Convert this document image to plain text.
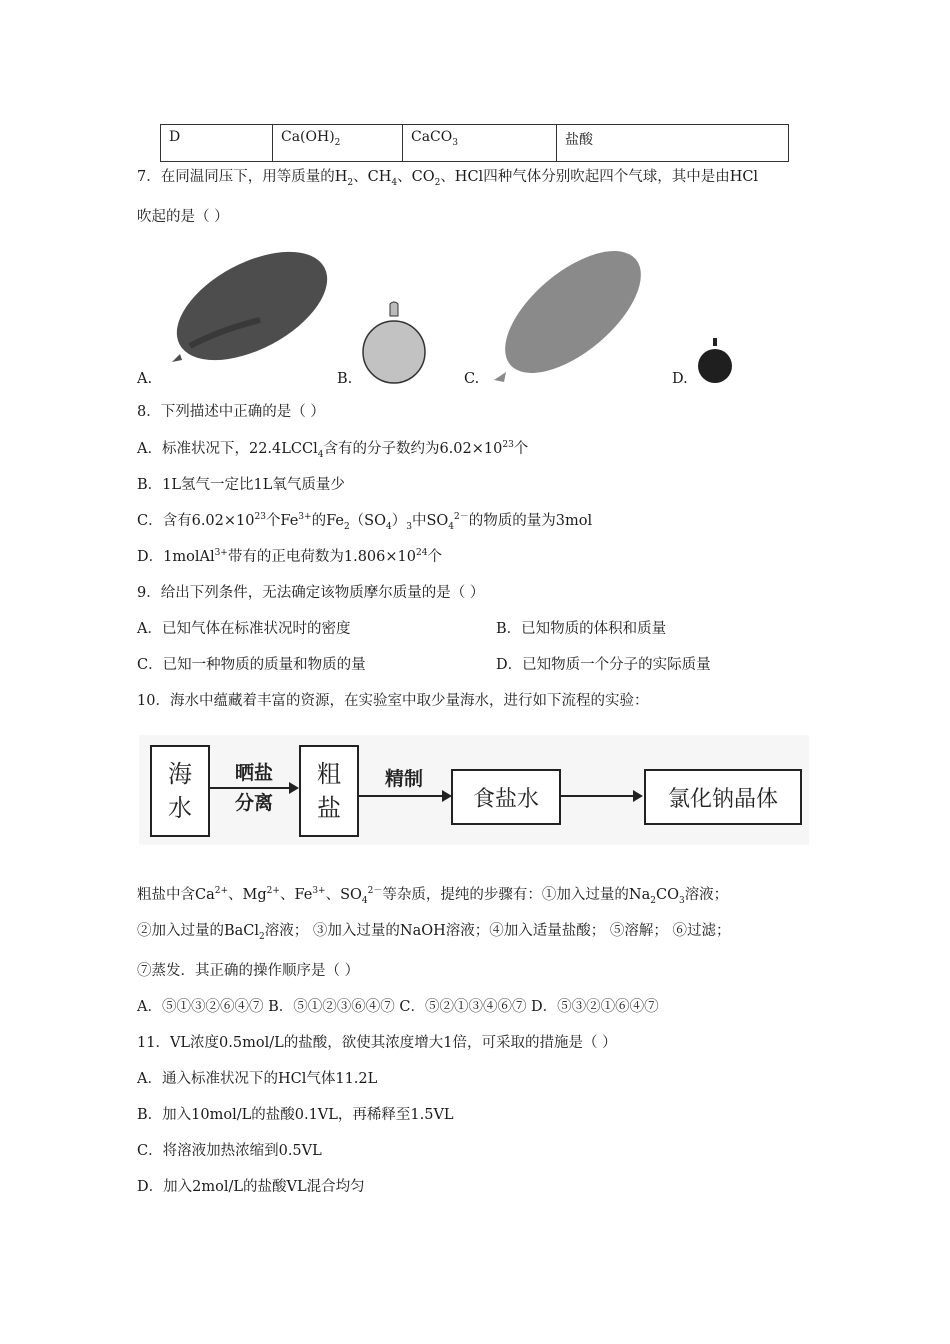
D	$Ca(OH)_2$	CaCO$_3$	盐酸
7．在同温同压下，用等质量的$H_2$、$CH_4$、$CO_2$、HCl四种气体分别吹起四个气球，其中是由HCl
吹起的是（ ）
A.	B.	C.	D.
8．下列描述中正确的是（ ）
A．标准状况下，22.4LCCl$_4$含有的分子数约为$6.02\times 10^{23}$个
B．1L氢气一定比1L氧气质量少
C．含有$6.02\times 10^{23}$个$Fe^{3+}$的$Fe_2(SO_4)_3$中$SO_4^{2-}$的物质的量为3mol
D．1molAl$^{3+}$带有的正电荷数为$1.806\times 10^{24}$个
9．给出下列条件，无法确定该物质摩尔质量的是（ ）
A．已知气体在标准状况时的密度	B．已知物质的体积和质量
C．已知一种物质的质量和物质的量	D．已知物质一个分子的实际质量
10．海水中蕴藏着丰富的资源，在实验室中取少量海水，进行如下流程的实验：
海
水
晒盐
分离
粗
盐
精制
食盐水	氯化钠晶体
粗盐中含$Ca^{2+}$、$Mg^{2+}$、$Fe^{3+}$、$SO_4^{2-}$等杂质，提纯的步骤有：①加入过量的$Na_2CO_3$溶液；
②加入过量的BaCl$_2$溶液； ③加入过量的NaOH溶液；④加入适量盐酸； ⑤溶解； ⑥过滤；
⑦蒸发．其正确的操作顺序是（ ）
A．⑤①③②⑥④⑦ B．⑤①②③⑥④⑦ C．⑤②①③④⑥⑦ D．⑤③②①⑥④⑦
11．VL浓度0.5mol/L的盐酸，欲使其浓度增大1倍，可采取的措施是（ ）
A．通入标准状况下的HCl气体11.2L
B．加入10mol/L的盐酸0.1VL，再稀释至1.5VL
C．将溶液加热浓缩到0.5VL
D．加入2mol/L的盐酸VL混合均匀
